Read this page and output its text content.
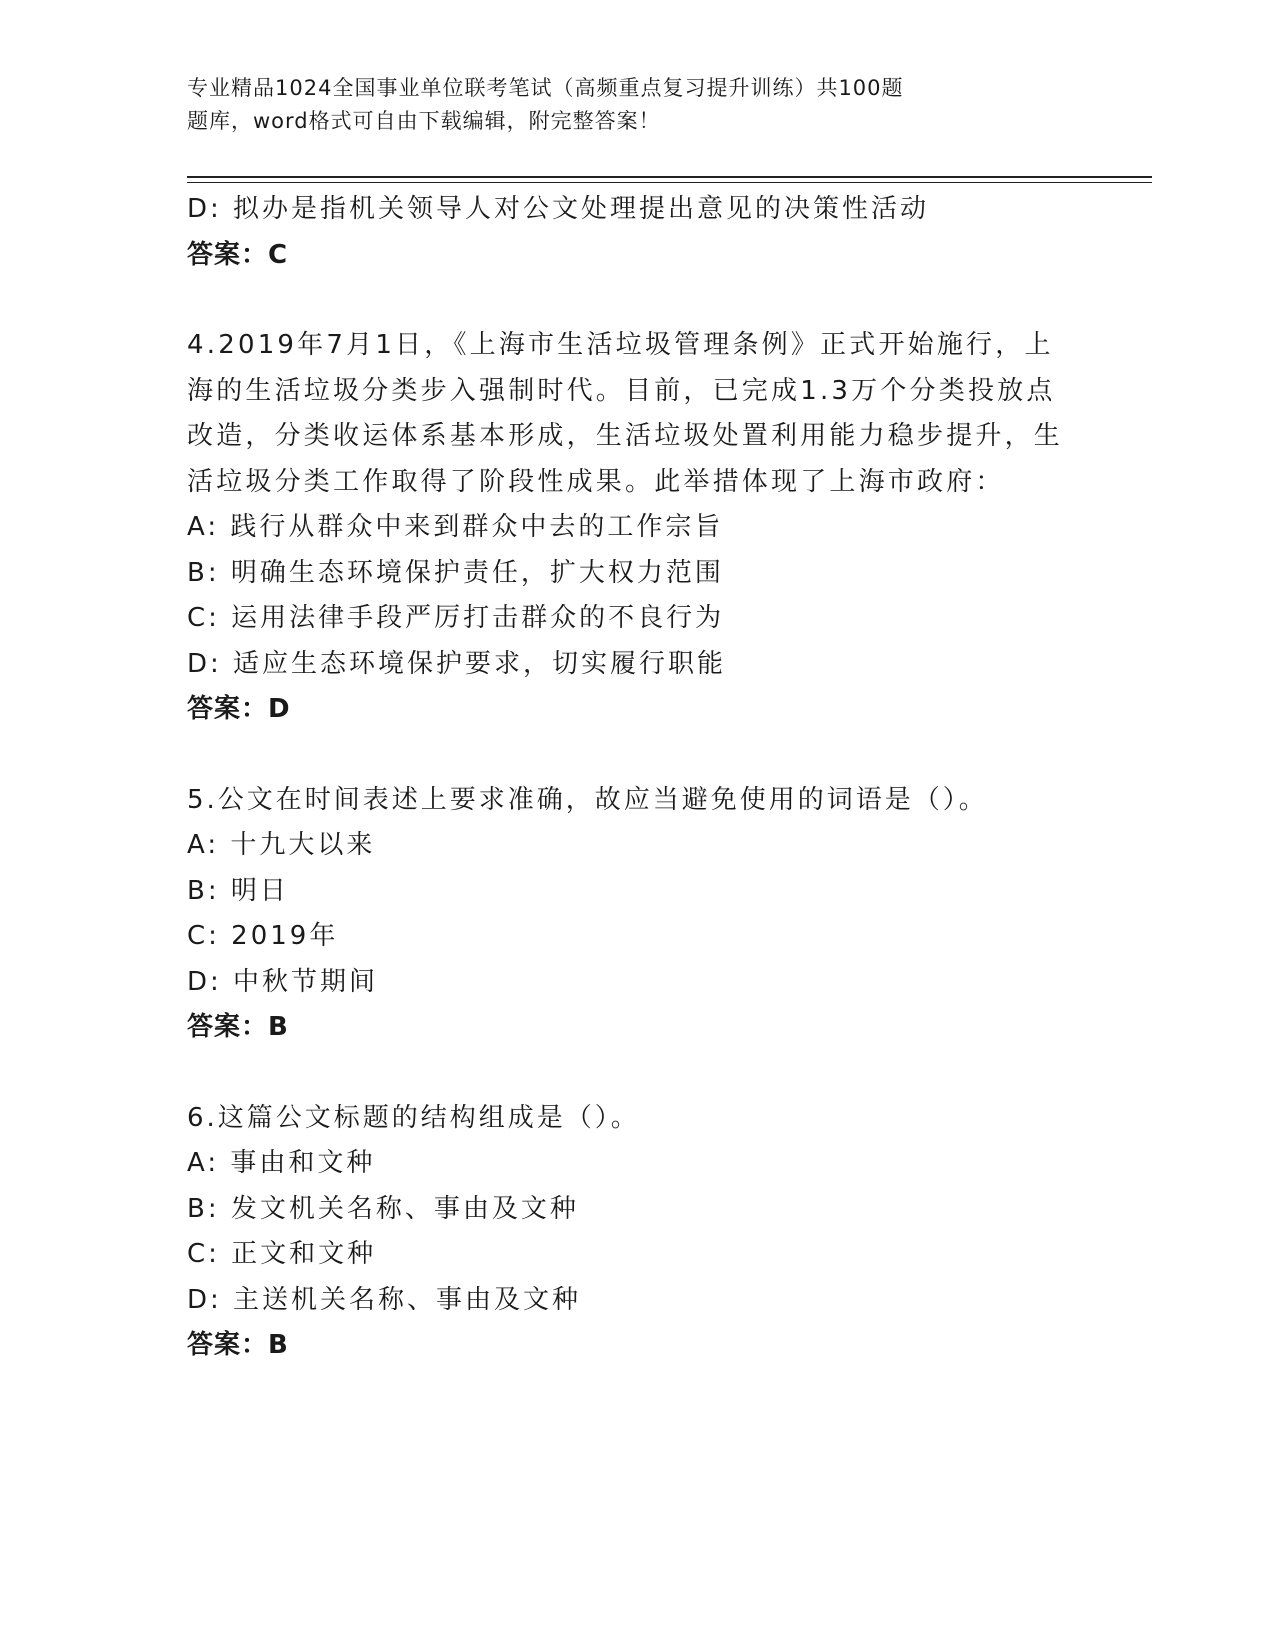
专业精品1024全国事业单位联考笔试（高频重点复习提升训练）共100题
题库，word格式可自由下载编辑，附完整答案！
D: 拟办是指机关领导人对公文处理提出意见的决策性活动
答案：C
4.2019年7月1日，《上海市生活垃圾管理条例》正式开始施行，上
海的生活垃圾分类步入强制时代。目前，已完成1.3万个分类投放点
改造，分类收运体系基本形成，生活垃圾处置利用能力稳步提升，生
活垃圾分类工作取得了阶段性成果。此举措体现了上海市政府：
A: 践行从群众中来到群众中去的工作宗旨
B: 明确生态环境保护责任，扩大权力范围
C: 运用法律手段严厉打击群众的不良行为
D: 适应生态环境保护要求，切实履行职能
答案：D
5.公文在时间表述上要求准确，故应当避免使用的词语是（）。
A: 十九大以来
B: 明日
C: 2019年
D: 中秋节期间
答案：B
6.这篇公文标题的结构组成是（）。
A: 事由和文种
B: 发文机关名称、事由及文种
C: 正文和文种
D: 主送机关名称、事由及文种
答案：B
